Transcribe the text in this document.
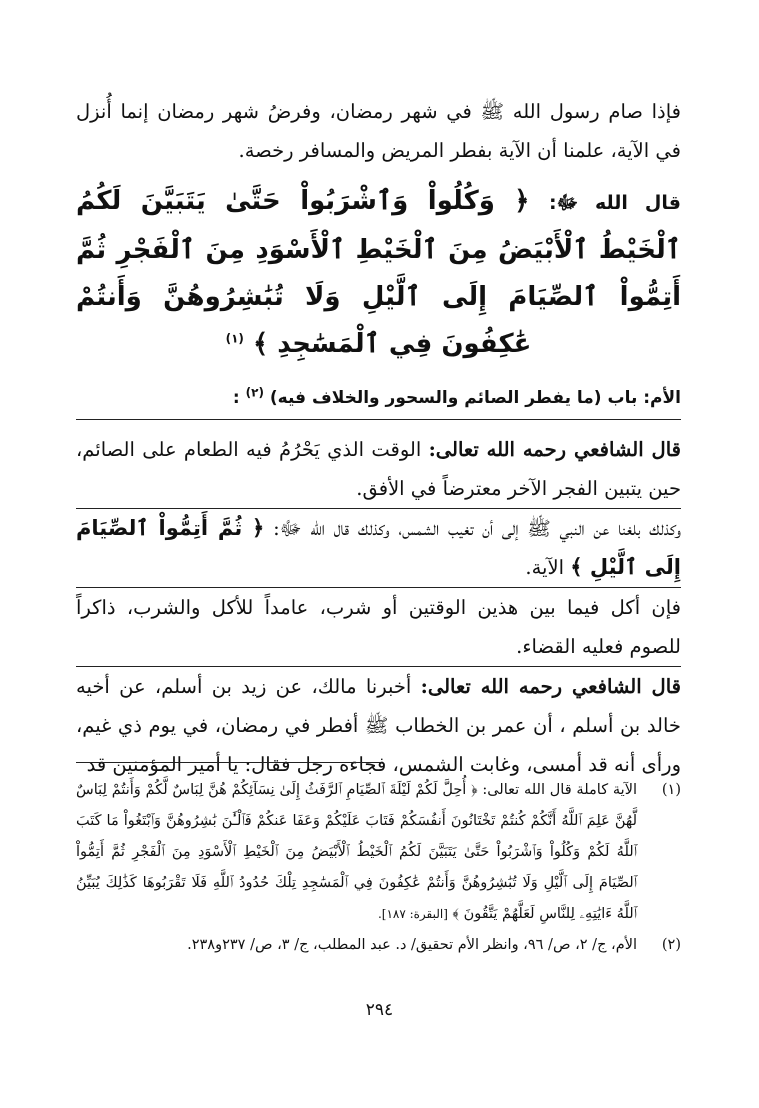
فإذا صام رسول الله ﷺ في شهر رمضان، وفرضُ شهر رمضان إنما أُنزل في الآية، علمنا أن الآية بفطر المريض والمسافر رخصة.

قال الله ﷻ: ﴿ وَكُلُواْ وَٱشْرَبُواْ حَتَّىٰ يَتَبَيَّنَ لَكُمُ ٱلْخَيْطُ ٱلْأَبْيَضُ مِنَ ٱلْخَيْطِ ٱلْأَسْوَدِ مِنَ ٱلْفَجْرِ ثُمَّ أَتِمُّواْ ٱلصِّيَامَ إِلَى ٱلَّيْلِ وَلَا تُبَٰشِرُوهُنَّ وَأَنتُمْ عَٰكِفُونَ فِي ٱلْمَسَٰجِدِ ﴾ $^{(١)}$

الأم: باب (ما يفطر الصائم والسحور والخلاف فيه) $^{(٢)}$ :

قال الشافعي رحمه الله تعالى: الوقت الذي يَحْرُمُ فيه الطعام على الصائم، حين يتبين الفجر الآخر معترضاً في الأفق.

وكذلك بلغنا عن النبي ﷺ إلى أن تغيب الشمس، وكذلك قال الله ﷻ: ﴿ ثُمَّ أَتِمُّواْ ٱلصِّيَامَ إِلَى ٱلَّيْلِ ﴾ الآية.

فإن أكل فيما بين هذين الوقتين أو شرب، عامداً للأكل والشرب، ذاكراً للصوم فعليه القضاء.

قال الشافعي رحمه الله تعالى: أخبرنا مالك، عن زيد بن أسلم، عن أخيه خالد بن أسلم ، أن عمر بن الخطاب ﷺ أفطر في رمضان، في يوم ذي غيم، ورأى أنه قد أمسى، وغابت الشمس، فجاءه رجل فقال: يا أمير المؤمنين قد

(١)
الآية كاملة قال الله تعالى: ﴿ أُحِلَّ لَكُمْ لَيْلَةَ ٱلصِّيَامِ ٱلرَّفَثُ إِلَىٰ نِسَآئِكُمْ هُنَّ لِبَاسٌ لَّكُمْ وَأَنتُمْ لِبَاسٌ لَّهُنَّ عَلِمَ ٱللَّهُ أَنَّكُمْ كُنتُمْ تَخْتَانُونَ أَنفُسَكُمْ فَتَابَ عَلَيْكُمْ وَعَفَا عَنكُمْ فَٱلْـَٰٔنَ بَٰشِرُوهُنَّ وَٱبْتَغُواْ مَا كَتَبَ ٱللَّهُ لَكُمْ وَكُلُواْ وَٱشْرَبُواْ حَتَّىٰ يَتَبَيَّنَ لَكُمُ ٱلْخَيْطُ ٱلْأَبْيَضُ مِنَ ٱلْخَيْطِ ٱلْأَسْوَدِ مِنَ ٱلْفَجْرِ ثُمَّ أَتِمُّواْ ٱلصِّيَامَ إِلَى ٱلَّيْلِ وَلَا تُبَٰشِرُوهُنَّ وَأَنتُمْ عَٰكِفُونَ فِي ٱلْمَسَٰجِدِ تِلْكَ حُدُودُ ٱللَّهِ فَلَا تَقْرَبُوهَا كَذَٰلِكَ يُبَيِّنُ ٱللَّهُ ءَايَٰتِهِۦ لِلنَّاسِ لَعَلَّهُمْ يَتَّقُونَ ﴾ [البقرة: ١٨٧].
(٢)
الأم، ج/ ٢، ص/ ٩٦، وانظر الأم تحقيق/ د. عبد المطلب، ج/ ٣، ص/ ٢٣٧و٢٣٨.
٢٩٤
